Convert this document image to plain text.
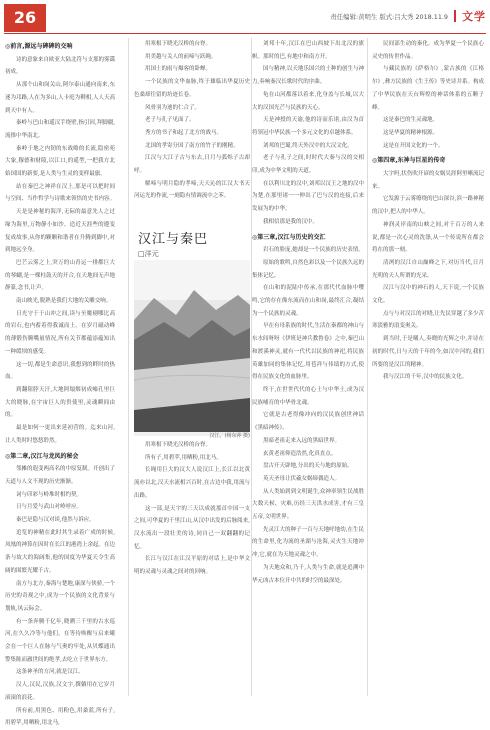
26	责任编辑:黄明生 版式:吕大秀 2018.11.9 文学

◎前言,源远与碑碑的交响

诗的意象来自欧亚大陆北符与支那的雾霭初成。

从那个山和岗关山,阿尔泰山通向南来,东迷为邛路,人在为多山,人卡庭为剩相,人人天高到天中有人。

秦岭与巴山和遥汉手绕壁,指引因,拜脚疆,流推中华南北。

秦岭于地之内韧的东战略的长流,隐密苑大象,穆德和财陵,以江口,的遥型,一把我方北始国国的新要,是人类与生灵的变样最旅。

站在秦巴之神祥在汉上,那是可以把时间与空间、当作哲学与诗歌来领悟的史书内容。

天是是神秘的海洋,无际的最意先人之过缘为海里,万物静小如沙。造近天涯些的遵变复成故事,从你的颗颗和谐者在升腾到脚中,对到地远全身。

巴芒云雾之上,突万的山青运一排都巨大的琴蝴,是一棵柱鼓天的开合,在天地间无声地静篆,念书,让声。

南山映光,脱熟是我们大地的关雕交响。

日光守于于山冲之间,读与至魔剔哪比高的岩石,也内蓄着得我诚而上。在岁月磁动峰的薄锻伤腾嘴量情况,所有关节都蕴添蕴知出一种缓坝的感受。

这一切,都是生命意识,我想到的畔时的热血。

到翻阻脖天汗,大地阿塌烟初成嘘孔里巨大的晓脉,在宇宙巨人的贵使里,灵魂瞬间由的。

最是如何一更出来延初营的。迄来山河,让人类时时悠悠聆然。

◎第二章,汉江与龙凤的秘会

邻摊的遐变两高名的中原复制。开创出了天道与人文不现的历史渐渐。

词与印彩与岭堆时相约契。

日与月爱与武山对岭呼应。

秦巴是隐与汉对谈,他然与诉应。

追览的神精在此时其生录着广成的时候,凤凰的神算在因时在长江的港湾上余起。在边条与故大的海阔集,他的国度为华夏天令生高阔的围繁光耀千古。

南方与北方,秦海与楚地,康深与侠骄,一个历史的奇观之中,成为一个民族的文化背景与划轨,风云际会。

有一条奔腾千亿年,晓溯三千里的古水巡河,在久久冷等与他们。在等待唤醒与启来曦会在一个巨人在脉与气奥的牢处,从贝蝶通出警集陈而澈世间的绝孝,去吃立于世界东方。

这条神圣的方河,就是汉江。

汉人,汉民,汉族,汉文字,撰躺用在它岁月滚滚的浪花。

所有前,用黑色、用粉色,用桑蓝,所有子,用碧苹,用晒粉,用北马,

用寒根下晓光汉桥的台脊。

用美越与关人的前啼与跃绳。

用国士的雨与爆客的卧蝉。

一个民族的文华血脉,终于雄临出华夏历史色桑却往留的坊迹长卷。

风骨羽为迪的仁合了。

老子与孔子见面了。

秀方的书子和起了北方的战马。

北国的孝寄分国了南方的竹子的刚精。

江汉与大江子古与东去,日月与弧烁子古却呼。

解啼与明月隐的孝啼,天天沁的江汉大书天河运光的作流,一刻隐有情调流中之苯。

汉江与秦巴
□洋元
汉江。(杨东萍 摄)

用寒根下晓光汉桥的台脊。

所有子,用碧苹,用晒粉,用北马。

长绳用巨大的汉大人说汉江上,长江以北黄流亦以北,汉天水流相兴百时,在古边中我,用流与出路。

这一部,是天宇的三天以成就那首中国一支之间,可华夏的千里江山,从汉中出发的后脉阅来,汉水流出一段壮美的诗,同自己一双翻翻的记忆。

长江与汉江在江汉平原的对话上,是中华文明的灵魂与灵魂之间对的回响。

刘邦十年,汉江在巴山西坡下出北汉的旗帜。那时的巴,有地中和南方开。

国与精神,以天地乐国兴的土种的创生与神力,奏响秦汉长歌时代的序曲。

龟在山河都落以着来,化身盖与长城,以大大的汉国光芒与民族的天心。

天是神授的天谕,他的诗而乐诸,由汉为首将领冠中华民族一个多元文化的卓越体系。

刘邦的巴蜀,终天外汉中的大汉文化。

老子与孔子之间,时时代大秦与汉的交相印,成为中华文明的天道。

在以利川北的汉中,刘邦以汉王之地的汉中为楚,在那里诸一一伸出了巴与汉的连接,后来发展为的中华。

我相信那是我的汉中。

◎第三章,汉江与历史的交汇

岩石的脸庞,她却是一个民族的历史表情。

原始的歌鸣,自然色彩以及一个民族久远的集体记忆。

在山和的泥陆中传承,在那代代血脉中嘤鸣,它的存在像东流而在山和岗,最终汇合,凝结为一个民族的灵魂。

早在有母系族的时代,生活在秦都的神山与东水间呀呀《伊班是神兵教鲁卷》之中,秦巴山和渡溪神灵,就有一代代以民族的神祀,将民族英雄加同的集体记忆,用苞祥与伟绩的方式,使得在民族文化的血脉里。

终于,在世世代代的心土与中华土,成为汉民族哺育的中华骨北魂。

它就是古老得像冲向的汉民族创世神话《黑暗神传》。

黑暗老祖走来入远的黑暗世界。

玄黄老祖仰造浩然,化真直点。

盘古开天辟地,分出的天与地的原始。

英天圣母让伏羲女娲缔偶造人。

从人类始到到文明诞生,众神率领生民战胜大数天候、灾难,历经三天洪水成害,才有三皇五帝,文明世界。

先灵江大的种子一百与天地呼地幼,在生民的生命里,化为流的圣湖与沧海,灵火生天地冲冲,它,就在为天地灵魂之中。

为天地众和,乃千,人类与生命,就是追溯中华元凶古本位开中共的时空的最深处。

民间部生动的秦化。成为华夏一个民族心灵史的传世作品。

与藏民族的《萨格尔》,蒙古族的《江格尔》,彝方民族的《生王传》等史诗并系。构成了中华民族在天台辉煌的神话体系的五颗子峰。

这是秦巴的生灵魂地。

这是华夏的精神根源。

这是在开国文化的一个。

◎第四章,东神与巨星的传奇

大宇吗,状伤吹开谚的女娲吴涯阿里晰流记来。

它发源于云雾缭绕的巴山深谷,滨一路神秘的汉中,把人的中华人。

神润灵岸南的山峡之间,对千百万的人来说,都是一次心灵的洗涤,从一个传说所在都会将在的那一刻。

清冽的汉江自山巅峰之下,对历当代,日月光明的天人所谓的光采。

汉江与汉中的神石的人,天下说,一个民族文化。

点与与对汉江的对晓,让先民穿越了多少苦寒淡雅的浪变奥关。

到当时,于是曦人,奏晓的光辉之中,并诗在初的时代,日与天的千年的今,如汉中河的,我们所要的是汉江的精神。

我与汉江的千年,汉中的民族文化。
